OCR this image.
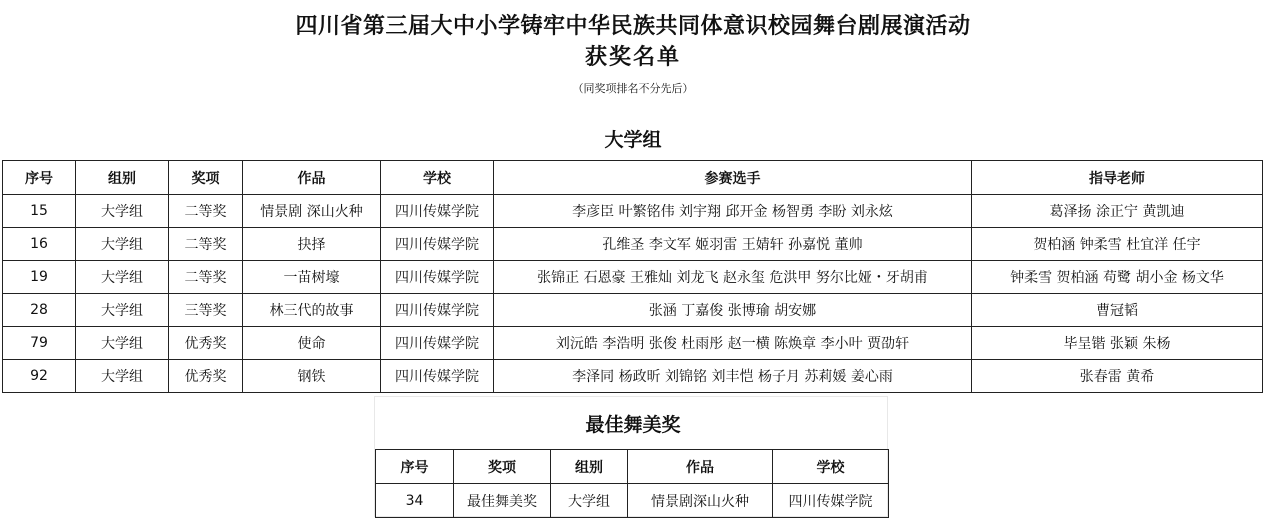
四川省第三届大中小学铸牢中华民族共同体意识校园舞台剧展演活动
获奖名单
（同奖项排名不分先后）
大学组
序号	组别	奖项	作品	学校	参赛选手	指导老师
15	大学组	二等奖	情景剧 深山火种	四川传媒学院	李彦臣 叶繁铭伟 刘宇翔 邱开金 杨智勇 李盼 刘永炫	葛泽扬 涂正宁 黄凯迪
16	大学组	二等奖	抉择	四川传媒学院	孔维圣 李文军 姬羽雷 王婧轩 孙嘉悦 董帅	贺柏涵 钟柔雪 杜宜洋 任宇
19	大学组	二等奖	一苗树壕	四川传媒学院	张锦正 石恩豪 王雅灿 刘龙飞 赵永玺 危洪甲 努尔比娅・牙胡甫	钟柔雪 贺柏涵 苟鹭 胡小金 杨文华
28	大学组	三等奖	林三代的故事	四川传媒学院	张涵 丁嘉俊 张博瑜 胡安娜	曹冠韬
79	大学组	优秀奖	使命	四川传媒学院	刘沅皓 李浩明 张俊 杜雨彤 赵一横 陈焕章 李小叶 贾劭轩	毕呈锴 张颖 朱杨
92	大学组	优秀奖	钢铁	四川传媒学院	李泽同 杨政昕 刘锦铭 刘丰恺 杨子月 苏莉媛 姜心雨	张春雷 黄希
最佳舞美奖
序号	奖项	组别	作品	学校
34	最佳舞美奖	大学组	情景剧深山火种	四川传媒学院
